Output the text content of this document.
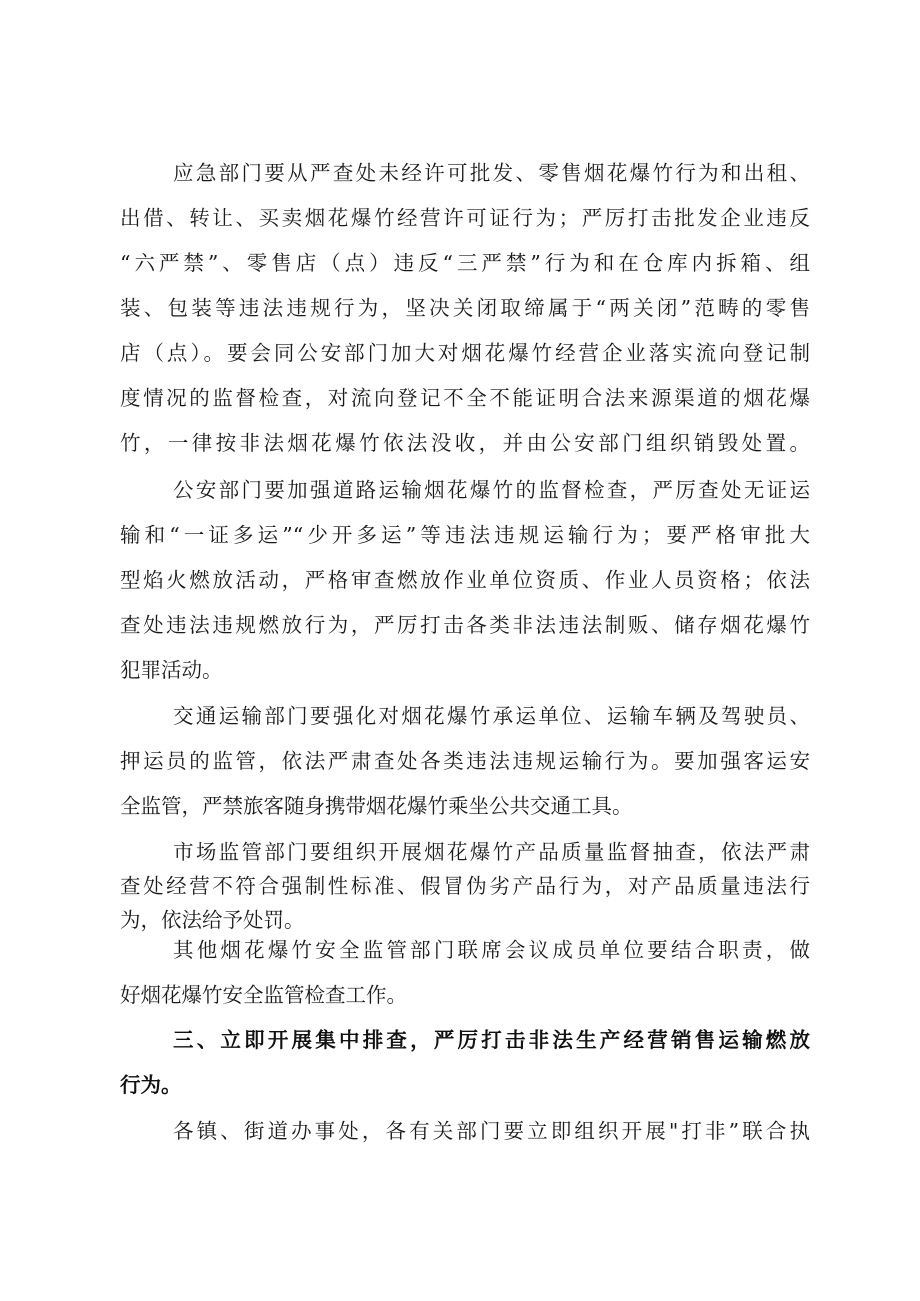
应急部门要从严查处未经许可批发、零售烟花爆竹行为和出租、
出借、转让、买卖烟花爆竹经营许可证行为；严厉打击批发企业违反
“六严禁”、零售店（点）违反“三严禁”行为和在仓库内拆箱、组
装、包装等违法违规行为，坚决关闭取缔属于“两关闭”范畴的零售
店（点）。要会同公安部门加大对烟花爆竹经营企业落实流向登记制
度情况的监督检查，对流向登记不全不能证明合法来源渠道的烟花爆
竹，一律按非法烟花爆竹依法没收，并由公安部门组织销毁处置。
公安部门要加强道路运输烟花爆竹的监督检查，严厉查处无证运
输和“一证多运”“少开多运”等违法违规运输行为；要严格审批大
型焰火燃放活动，严格审查燃放作业单位资质、作业人员资格；依法
查处违法违规燃放行为，严厉打击各类非法违法制贩、储存烟花爆竹
犯罪活动。
交通运输部门要强化对烟花爆竹承运单位、运输车辆及驾驶员、
押运员的监管，依法严肃查处各类违法违规运输行为。要加强客运安
全监管，严禁旅客随身携带烟花爆竹乘坐公共交通工具。
市场监管部门要组织开展烟花爆竹产品质量监督抽查，依法严肃
查处经营不符合强制性标准、假冒伪劣产品行为，对产品质量违法行
为，依法给予处罚。
其他烟花爆竹安全监管部门联席会议成员单位要结合职责，做
好烟花爆竹安全监管检查工作。
三、立即开展集中排查，严厉打击非法生产经营销售运输燃放
行为。
各镇、街道办事处，各有关部门要立即组织开展"打非”联合执
